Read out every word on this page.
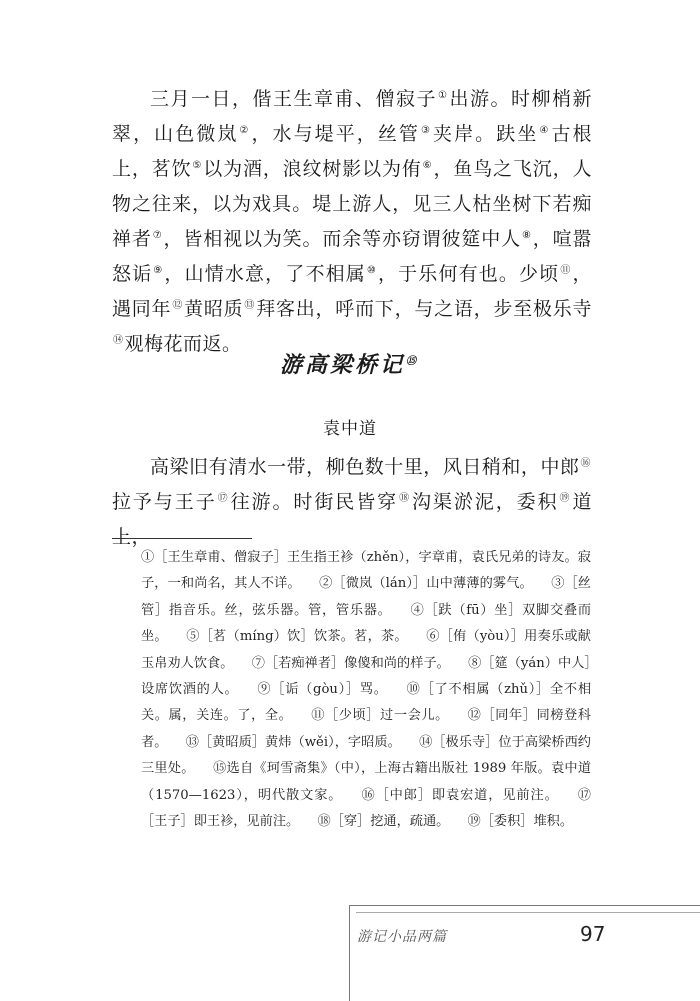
三月一日，偕王生章甫、僧寂子①出游。时柳梢新翠，山色微岚②，水与堤平，丝管③夹岸。趺坐④古根上，茗饮⑤以为酒，浪纹树影以为侑⑥，鱼鸟之飞沉，人物之往来，以为戏具。堤上游人，见三人枯坐树下若痴禅者⑦，皆相视以为笑。而余等亦窃谓彼筵中人⑧，喧嚣怒诟⑨，山情水意，了不相属⑩，于乐何有也。少顷⑪，遇同年⑫黄昭质⑬拜客出，呼而下，与之语，步至极乐寺⑭观梅花而返。

游高梁桥记⑮
袁中道

高梁旧有清水一带，柳色数十里，风日稍和，中郎⑯拉予与王子⑰往游。时街民皆穿⑱沟渠淤泥，委积⑲道上，

①［王生章甫、僧寂子］王生指王袗（zhěn），字章甫，袁氏兄弟的诗友。寂子，一和尚名，其人不详。 ②［微岚（lán）］山中薄薄的雾气。 ③［丝管］指音乐。丝，弦乐器。管，管乐器。 ④［趺（fū）坐］双脚交叠而坐。 ⑤［茗（míng）饮］饮茶。茗，茶。 ⑥［侑（yòu）］用奏乐或献玉帛劝人饮食。 ⑦［若痴禅者］像傻和尚的样子。 ⑧［筵（yán）中人］设席饮酒的人。 ⑨［诟（gòu）］骂。 ⑩［了不相属（zhǔ）］全不相关。属，关连。了，全。 ⑪［少顷］过一会儿。 ⑫［同年］同榜登科者。 ⑬［黄昭质］黄炜（wěi），字昭质。 ⑭［极乐寺］位于高梁桥西约三里处。 ⑮选自《珂雪斋集》（中），上海古籍出版社 1989 年版。袁中道（1570—1623），明代散文家。 ⑯［中郎］即袁宏道，见前注。 ⑰［王子］即王袗，见前注。 ⑱［穿］挖通，疏通。 ⑲［委积］堆积。
游记小品两篇	97
